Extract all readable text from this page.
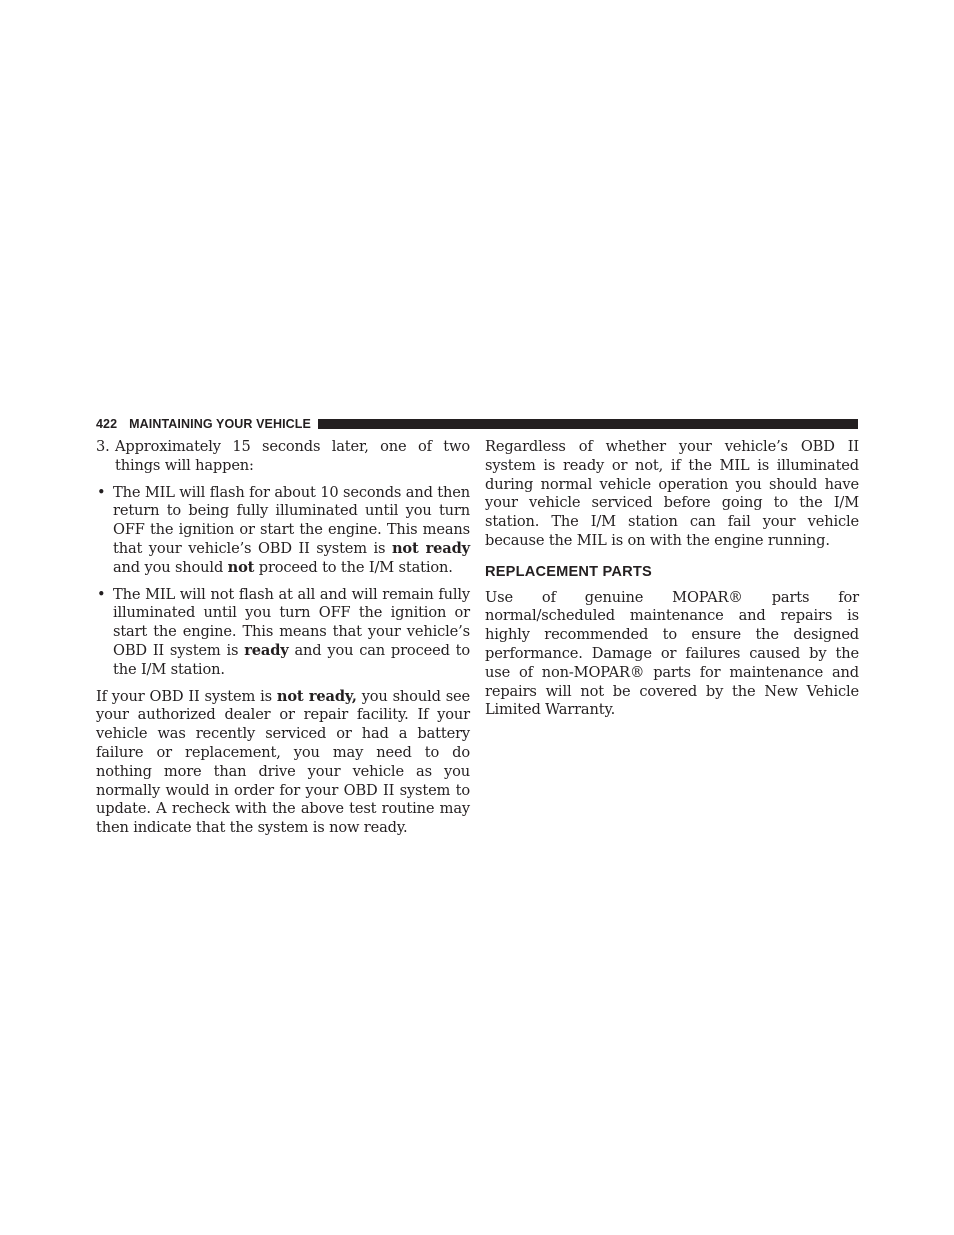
422 MAINTAINING YOUR VEHICLE
3. Approximately 15 seconds later, one of two things will happen:
• The MIL will flash for about 10 seconds and then return to being fully illuminated until you turn OFF the ignition or start the engine. This means that your vehicle’s OBD II system is not ready and you should not proceed to the I/M station.
• The MIL will not flash at all and will remain fully illuminated until you turn OFF the ignition or start the engine. This means that your vehicle’s OBD II system is ready and you can proceed to the I/M station.

If your OBD II system is not ready, you should see your authorized dealer or repair facility. If your vehicle was recently serviced or had a battery failure or replacement, you may need to do nothing more than drive your vehicle as you normally would in order for your OBD II system to update. A recheck with the above test routine may then indicate that the system is now ready.

Regardless of whether your vehicle’s OBD II system is ready or not, if the MIL is illuminated during normal vehicle operation you should have your vehicle serviced before going to the I/M station. The I/M station can fail your vehicle because the MIL is on with the engine running.

REPLACEMENT PARTS

Use of genuine MOPAR® parts for normal/scheduled maintenance and repairs is highly recommended to ensure the designed performance. Damage or failures caused by the use of non-MOPAR® parts for maintenance and repairs will not be covered by the New Vehicle Limited Warranty.
